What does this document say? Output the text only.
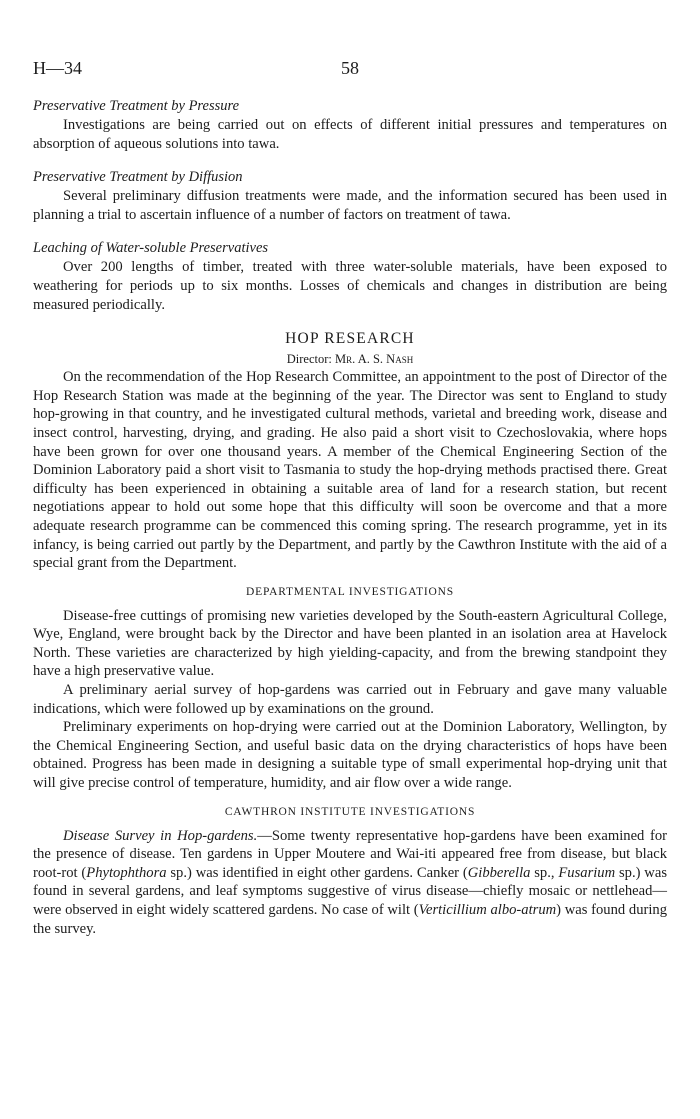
H—34	58
Preservative Treatment by Pressure

Investigations are being carried out on effects of different initial pressures and temperatures on absorption of aqueous solutions into tawa.

Preservative Treatment by Diffusion

Several preliminary diffusion treatments were made, and the information secured has been used in planning a trial to ascertain influence of a number of factors on treatment of tawa.

Leaching of Water-soluble Preservatives

Over 200 lengths of timber, treated with three water-soluble materials, have been exposed to weathering for periods up to six months. Losses of chemicals and changes in distribution are being measured periodically.

HOP RESEARCH
Director: Mr. A. S. Nash

On the recommendation of the Hop Research Committee, an appointment to the post of Director of the Hop Research Station was made at the beginning of the year. The Director was sent to England to study hop-growing in that country, and he investigated cultural methods, varietal and breeding work, disease and insect control, harvesting, drying, and grading. He also paid a short visit to Czechoslovakia, where hops have been grown for over one thousand years. A member of the Chemical Engineering Section of the Dominion Laboratory paid a short visit to Tasmania to study the hop-drying methods practised there. Great difficulty has been experienced in obtaining a suitable area of land for a research station, but recent negotiations appear to hold out some hope that this difficulty will soon be overcome and that a more adequate research programme can be commenced this coming spring. The research programme, yet in its infancy, is being carried out partly by the Department, and partly by the Cawthron Institute with the aid of a special grant from the Department.

DEPARTMENTAL INVESTIGATIONS

Disease-free cuttings of promising new varieties developed by the South-eastern Agricultural College, Wye, England, were brought back by the Director and have been planted in an isolation area at Havelock North. These varieties are characterized by high yielding-capacity, and from the brewing standpoint they have a high preservative value.

A preliminary aerial survey of hop-gardens was carried out in February and gave many valuable indications, which were followed up by examinations on the ground.

Preliminary experiments on hop-drying were carried out at the Dominion Laboratory, Wellington, by the Chemical Engineering Section, and useful basic data on the drying characteristics of hops have been obtained. Progress has been made in designing a suitable type of small experimental hop-drying unit that will give precise control of temperature, humidity, and air flow over a wide range.

CAWTHRON INSTITUTE INVESTIGATIONS

Disease Survey in Hop-gardens.—Some twenty representative hop-gardens have been examined for the presence of disease. Ten gardens in Upper Moutere and Wai-iti appeared free from disease, but black root-rot (Phytophthora sp.) was identified in eight other gardens. Canker (Gibberella sp., Fusarium sp.) was found in several gardens, and leaf symptoms suggestive of virus disease—chiefly mosaic or nettlehead—were observed in eight widely scattered gardens. No case of wilt (Verticillium albo-atrum) was found during the survey.
